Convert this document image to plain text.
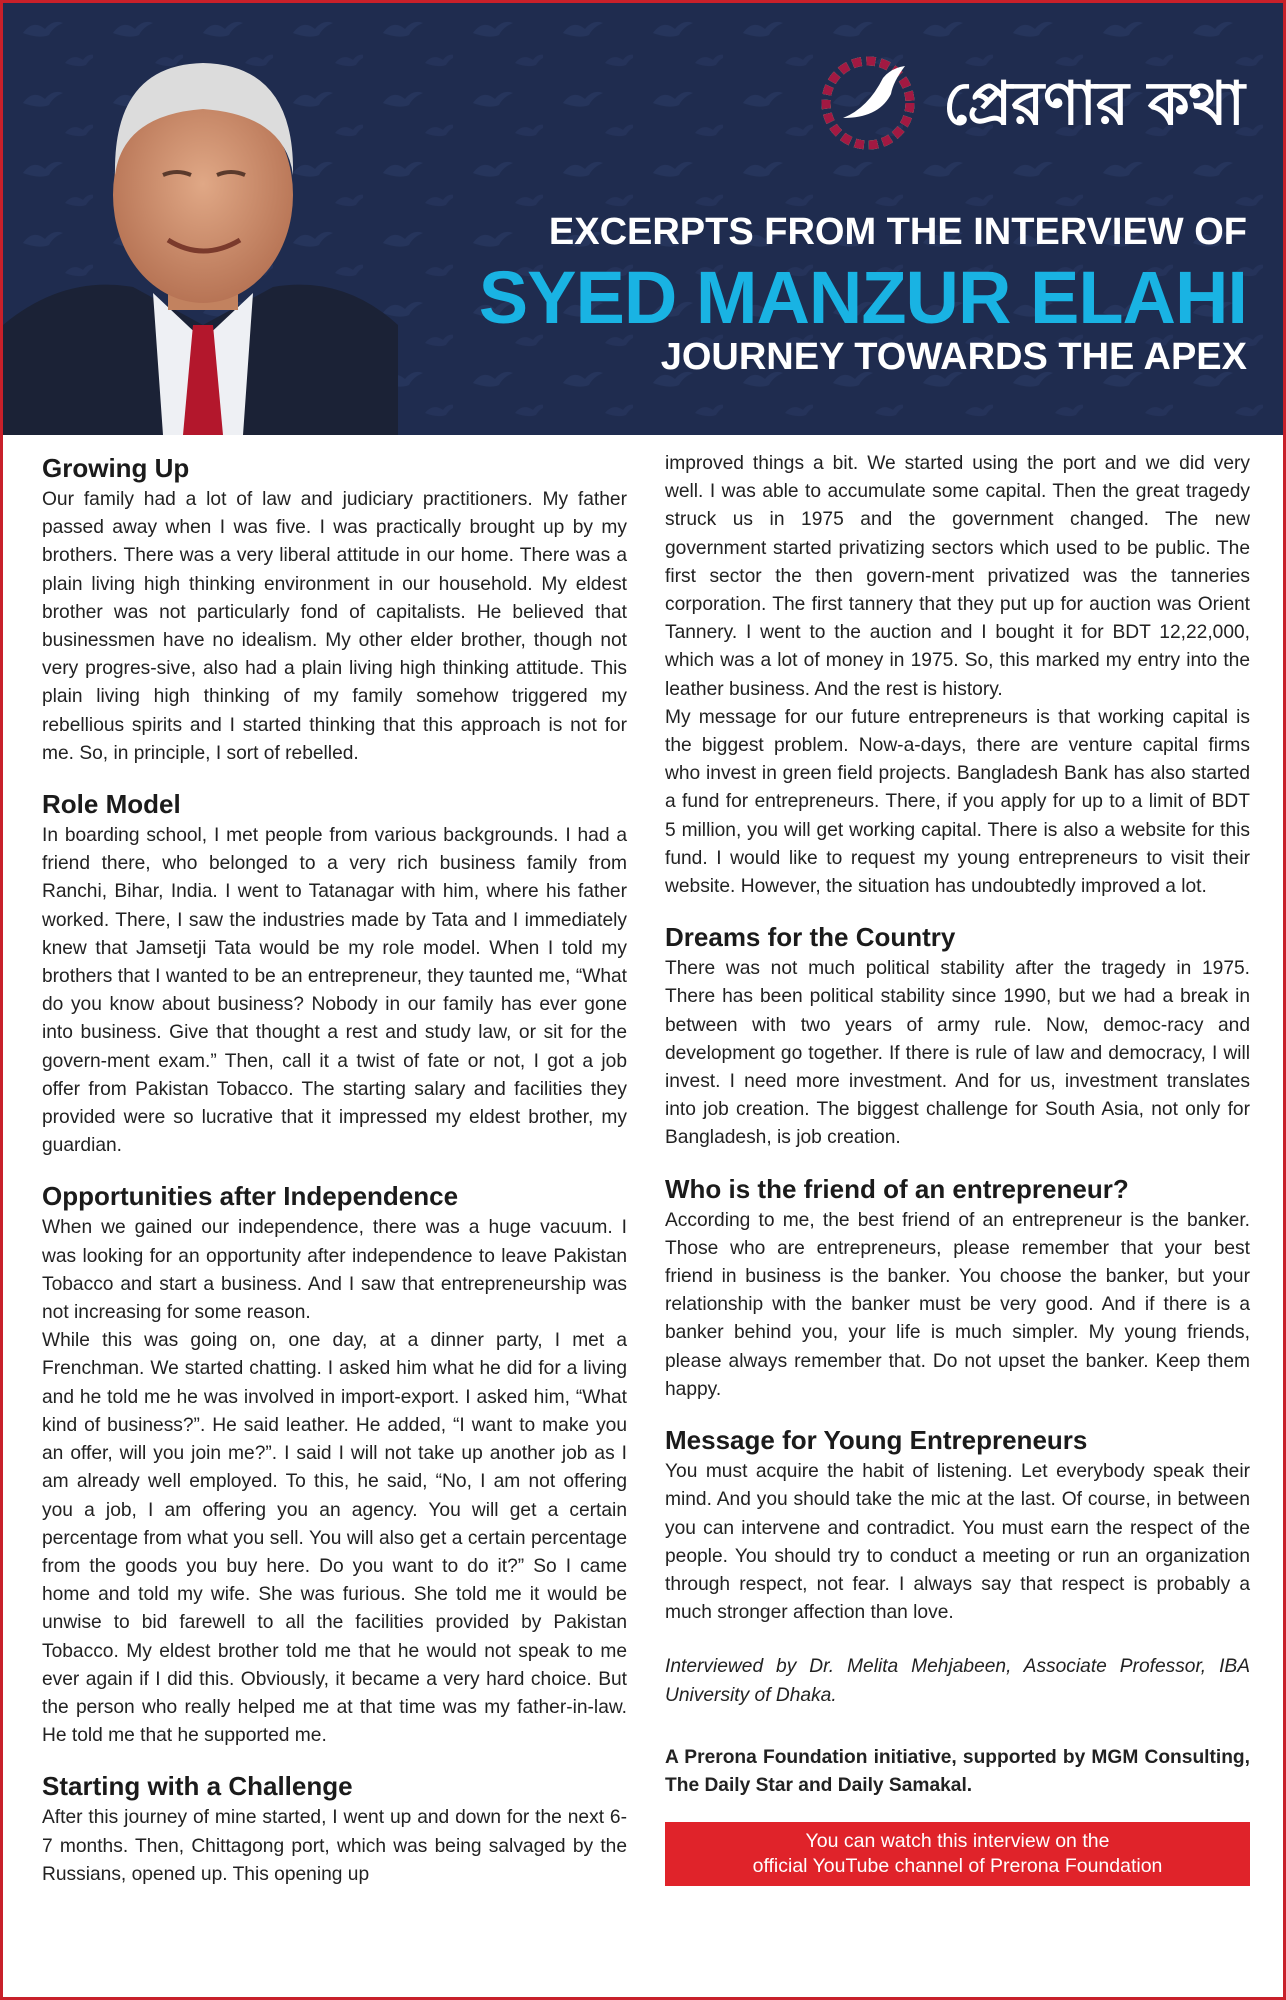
প্রেরণার কথা
EXCERPTS FROM THE INTERVIEW OF
SYED MANZUR ELAHI
JOURNEY TOWARDS THE APEX
Growing Up

Our family had a lot of law and judiciary practitioners. My father passed away when I was five. I was practically brought up by my brothers. There was a very liberal attitude in our home. There was a plain living high thinking environment in our household. My eldest brother was not particularly fond of capitalists. He believed that businessmen have no idealism. My other elder brother, though not very progres-sive, also had a plain living high thinking attitude. This plain living high thinking of my family somehow triggered my rebellious spirits and I started thinking that this approach is not for me. So, in principle, I sort of rebelled.

Role Model

In boarding school, I met people from various backgrounds. I had a friend there, who belonged to a very rich business family from Ranchi, Bihar, India. I went to Tatanagar with him, where his father worked. There, I saw the industries made by Tata and I immediately knew that Jamsetji Tata would be my role model. When I told my brothers that I wanted to be an entrepreneur, they taunted me, “What do you know about business? Nobody in our family has ever gone into business. Give that thought a rest and study law, or sit for the govern-ment exam.” Then, call it a twist of fate or not, I got a job offer from Pakistan Tobacco. The starting salary and facilities they provided were so lucrative that it impressed my eldest brother, my guardian.

Opportunities after Independence

When we gained our independence, there was a huge vacuum. I was looking for an opportunity after independence to leave Pakistan Tobacco and start a business. And I saw that entrepreneurship was not increasing for some reason.

While this was going on, one day, at a dinner party, I met a Frenchman. We started chatting. I asked him what he did for a living and he told me he was involved in import-export. I asked him, “What kind of business?”. He said leather. He added, “I want to make you an offer, will you join me?”. I said I will not take up another job as I am already well employed. To this, he said, “No, I am not offering you a job, I am offering you an agency. You will get a certain percentage from what you sell. You will also get a certain percentage from the goods you buy here. Do you want to do it?” So I came home and told my wife. She was furious. She told me it would be unwise to bid farewell to all the facilities provided by Pakistan Tobacco. My eldest brother told me that he would not speak to me ever again if I did this. Obviously, it became a very hard choice. But the person who really helped me at that time was my father-in-law. He told me that he supported me.

Starting with a Challenge

After this journey of mine started, I went up and down for the next 6-7 months. Then, Chittagong port, which was being salvaged by the Russians, opened up. This opening up

improved things a bit. We started using the port and we did very well. I was able to accumulate some capital. Then the great tragedy struck us in 1975 and the government changed. The new government started privatizing sectors which used to be public. The first sector the then govern-ment privatized was the tanneries corporation. The first tannery that they put up for auction was Orient Tannery. I went to the auction and I bought it for BDT 12,22,000, which was a lot of money in 1975. So, this marked my entry into the leather business. And the rest is history.

My message for our future entrepreneurs is that working capital is the biggest problem. Now-a-days, there are venture capital firms who invest in green field projects. Bangladesh Bank has also started a fund for entrepreneurs. There, if you apply for up to a limit of BDT 5 million, you will get working capital. There is also a website for this fund. I would like to request my young entrepreneurs to visit their website. However, the situation has undoubtedly improved a lot.

Dreams for the Country

There was not much political stability after the tragedy in 1975. There has been political stability since 1990, but we had a break in between with two years of army rule. Now, democ-racy and development go together. If there is rule of law and democracy, I will invest. I need more investment. And for us, investment translates into job creation. The biggest challenge for South Asia, not only for Bangladesh, is job creation.

Who is the friend of an entrepreneur?

According to me, the best friend of an entrepreneur is the banker. Those who are entrepreneurs, please remember that your best friend in business is the banker. You choose the banker, but your relationship with the banker must be very good. And if there is a banker behind you, your life is much simpler. My young friends, please always remember that. Do not upset the banker. Keep them happy.

Message for Young Entrepreneurs

You must acquire the habit of listening. Let everybody speak their mind. And you should take the mic at the last. Of course, in between you can intervene and contradict. You must earn the respect of the people. You should try to conduct a meeting or run an organization through respect, not fear. I always say that respect is probably a much stronger affection than love.

Interviewed by Dr. Melita Mehjabeen, Associate Professor, IBA University of Dhaka.

A Prerona Foundation initiative, supported by MGM Consulting, The Daily Star and Daily Samakal.

You can watch this interview on the
official YouTube channel of Prerona Foundation
